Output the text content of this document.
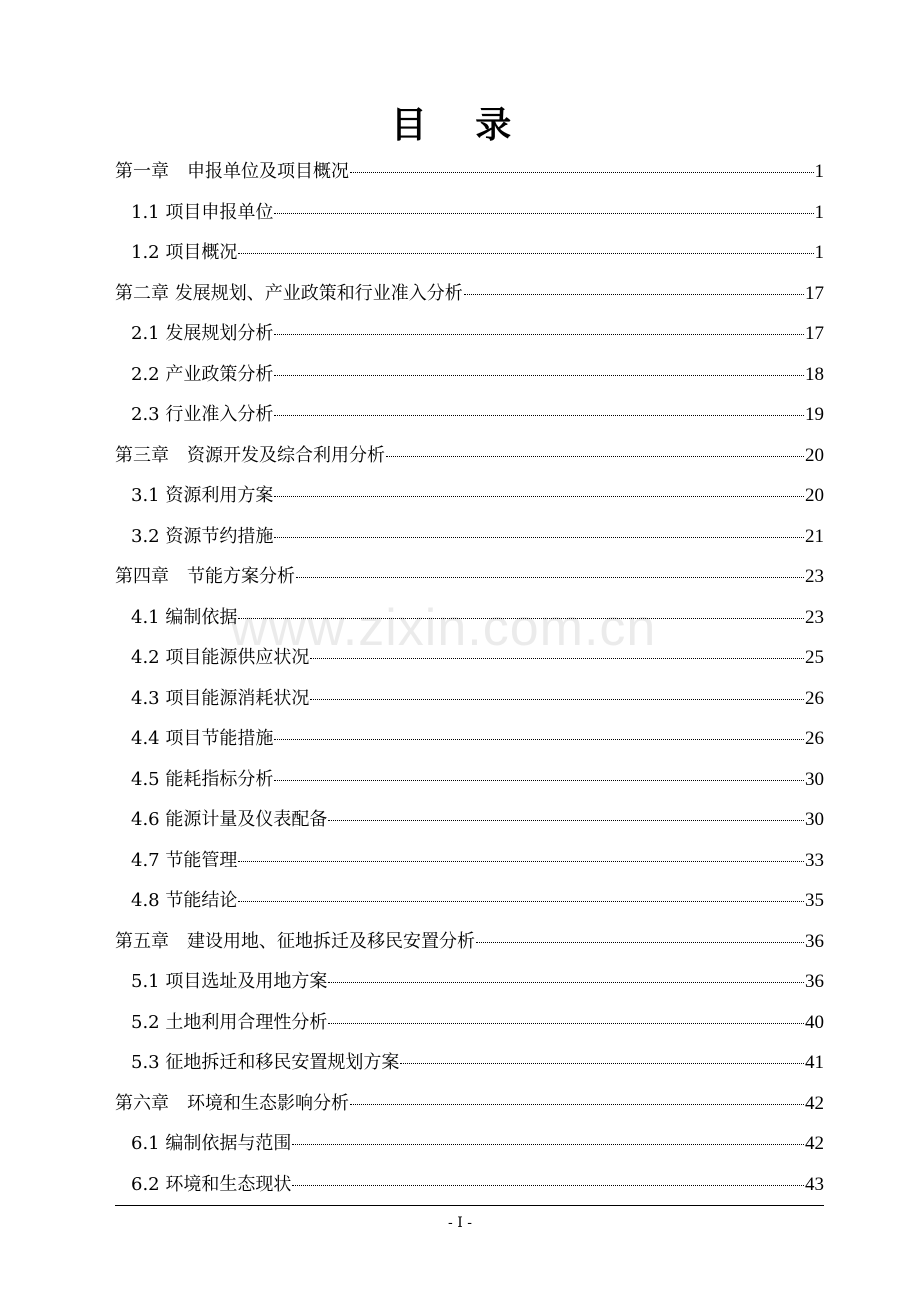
目 录
第一章　申报单位及项目概况	1
1.1 项目申报单位	1
1.2 项目概况	1
第二章 发展规划、产业政策和行业准入分析	17
2.1 发展规划分析	17
2.2 产业政策分析	18
2.3 行业准入分析	19
第三章　资源开发及综合利用分析	20
3.1 资源利用方案	20
3.2 资源节约措施	21
第四章　节能方案分析	23
4.1 编制依据	23
4.2 项目能源供应状况	25
4.3 项目能源消耗状况	26
4.4 项目节能措施	26
4.5 能耗指标分析	30
4.6 能源计量及仪表配备	30
4.7 节能管理	33
4.8 节能结论	35
第五章　建设用地、征地拆迁及移民安置分析	36
5.1 项目选址及用地方案	36
5.2 土地利用合理性分析	40
5.3 征地拆迁和移民安置规划方案	41
第六章　环境和生态影响分析	42
6.1 编制依据与范围	42
6.2 环境和生态现状	43
www.zixin.com.cn
- I -
